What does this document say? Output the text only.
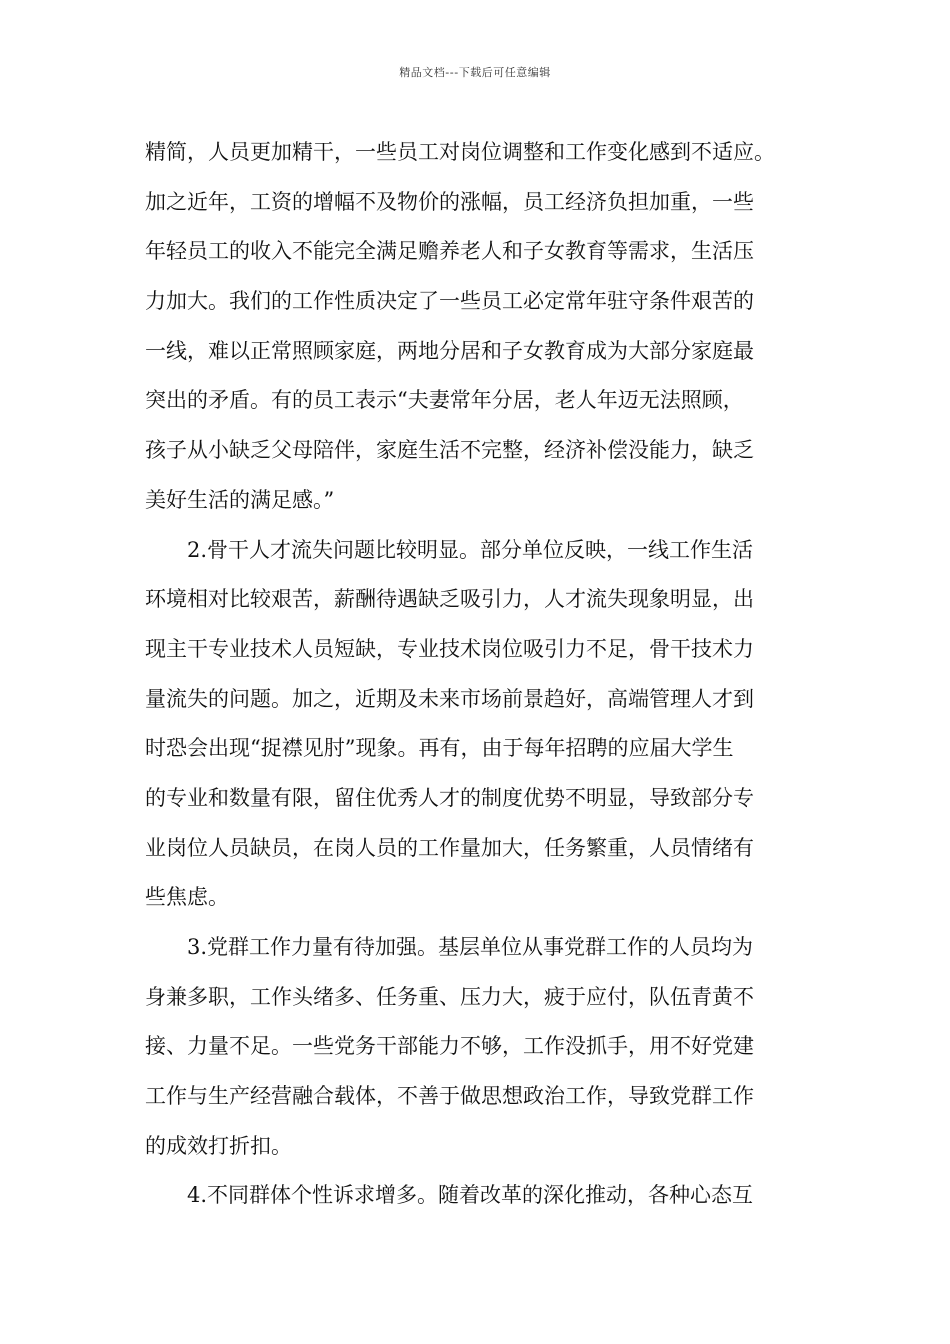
精品文档---下载后可任意编辑
精简，人员更加精干，一些员工对岗位调整和工作变化感到不适应。
加之近年，工资的增幅不及物价的涨幅，员工经济负担加重，一些
年轻员工的收入不能完全满足赡养老人和子女教育等需求，生活压
力加大。我们的工作性质决定了一些员工必定常年驻守条件艰苦的
一线，难以正常照顾家庭，两地分居和子女教育成为大部分家庭最
突出的矛盾。有的员工表示“夫妻常年分居，老人年迈无法照顾，
孩子从小缺乏父母陪伴，家庭生活不完整，经济补偿没能力，缺乏
美好生活的满足感。”
2.骨干人才流失问题比较明显。部分单位反映，一线工作生活
环境相对比较艰苦，薪酬待遇缺乏吸引力，人才流失现象明显，出
现主干专业技术人员短缺，专业技术岗位吸引力不足，骨干技术力
量流失的问题。加之，近期及未来市场前景趋好，高端管理人才到
时恐会出现“捉襟见肘”现象。再有，由于每年招聘的应届大学生
的专业和数量有限，留住优秀人才的制度优势不明显，导致部分专
业岗位人员缺员，在岗人员的工作量加大，任务繁重，人员情绪有
些焦虑。
3.党群工作力量有待加强。基层单位从事党群工作的人员均为
身兼多职，工作头绪多、任务重、压力大，疲于应付，队伍青黄不
接、力量不足。一些党务干部能力不够，工作没抓手，用不好党建
工作与生产经营融合载体，不善于做思想政治工作，导致党群工作
的成效打折扣。
4.不同群体个性诉求增多。随着改革的深化推动，各种心态互
